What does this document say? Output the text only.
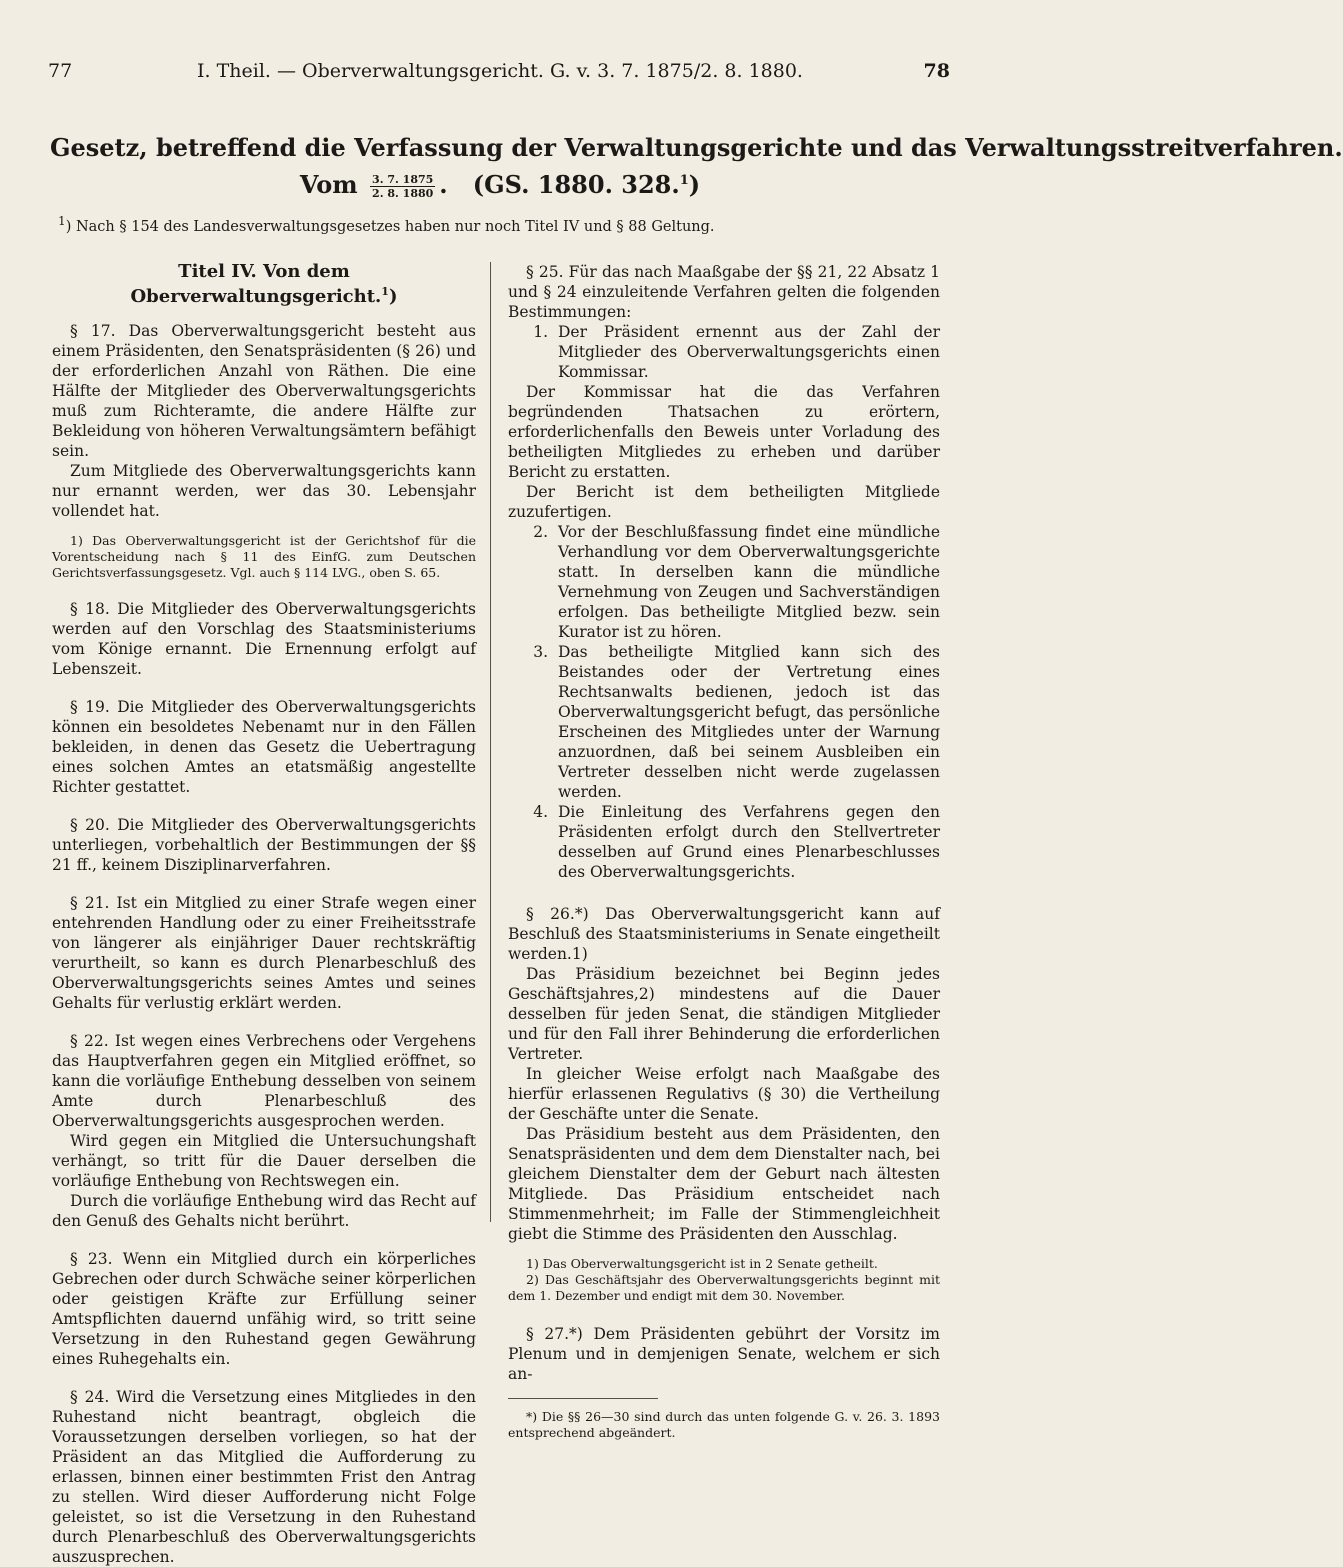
77	I. Theil. — Oberverwaltungsgericht. G. v. 3. 7. 1875/2. 8. 1880.	78
Gesetz, betreffend die Verfassung der Verwaltungsgerichte und das Verwaltungsstreitverfahren.
Vom $\frac{3. 7. 1875}{2. 8. 1880}$ . (GS. 1880. 328.$^1$)
$^1$) Nach § 154 des Landesverwaltungsgesetzes haben nur noch Titel IV und § 88 Geltung.
Titel IV. Von dem Oberverwaltungsgericht.$^1$)

§ 17. Das Oberverwaltungsgericht besteht aus einem Präsidenten, den Senatspräsidenten (§ 26) und der erforderlichen Anzahl von Räthen. Die eine Hälfte der Mitglieder des Oberverwaltungsgerichts muß zum Richteramte, die andere Hälfte zur Bekleidung von höheren Verwaltungsämtern befähigt sein.

Zum Mitgliede des Oberverwaltungsgerichts kann nur ernannt werden, wer das 30. Lebensjahr vollendet hat.

1) Das Oberverwaltungsgericht ist der Gerichtshof für die Vorentscheidung nach § 11 des EinfG. zum Deutschen Gerichtsverfassungsgesetz. Vgl. auch § 114 LVG., oben S. 65.

§ 18. Die Mitglieder des Oberverwaltungsgerichts werden auf den Vorschlag des Staatsministeriums vom Könige ernannt. Die Ernennung erfolgt auf Lebenszeit.

§ 19. Die Mitglieder des Oberverwaltungsgerichts können ein besoldetes Nebenamt nur in den Fällen bekleiden, in denen das Gesetz die Uebertragung eines solchen Amtes an etatsmäßig angestellte Richter gestattet.

§ 20. Die Mitglieder des Oberverwaltungsgerichts unterliegen, vorbehaltlich der Bestimmungen der §§ 21 ff., keinem Disziplinarverfahren.

§ 21. Ist ein Mitglied zu einer Strafe wegen einer entehrenden Handlung oder zu einer Freiheitsstrafe von längerer als einjähriger Dauer rechtskräftig verurtheilt, so kann es durch Plenarbeschluß des Oberverwaltungsgerichts seines Amtes und seines Gehalts für verlustig erklärt werden.

§ 22. Ist wegen eines Verbrechens oder Vergehens das Hauptverfahren gegen ein Mitglied eröffnet, so kann die vorläufige Enthebung desselben von seinem Amte durch Plenarbeschluß des Oberverwaltungsgerichts ausgesprochen werden.

Wird gegen ein Mitglied die Untersuchungshaft verhängt, so tritt für die Dauer derselben die vorläufige Enthebung von Rechtswegen ein.

Durch die vorläufige Enthebung wird das Recht auf den Genuß des Gehalts nicht berührt.

§ 23. Wenn ein Mitglied durch ein körperliches Gebrechen oder durch Schwäche seiner körperlichen oder geistigen Kräfte zur Erfüllung seiner Amtspflichten dauernd unfähig wird, so tritt seine Versetzung in den Ruhestand gegen Gewährung eines Ruhegehalts ein.

§ 24. Wird die Versetzung eines Mitgliedes in den Ruhestand nicht beantragt, obgleich die Voraussetzungen derselben vorliegen, so hat der Präsident an das Mitglied die Aufforderung zu erlassen, binnen einer bestimmten Frist den Antrag zu stellen. Wird dieser Aufforderung nicht Folge geleistet, so ist die Versetzung in den Ruhestand durch Plenarbeschluß des Oberverwaltungsgerichts auszusprechen.

§ 25. Für das nach Maaßgabe der §§ 21, 22 Absatz 1 und § 24 einzuleitende Verfahren gelten die folgenden Bestimmungen:

1. Der Präsident ernennt aus der Zahl der Mitglieder des Oberverwaltungsgerichts einen Kommissar.

Der Kommissar hat die das Verfahren begründenden Thatsachen zu erörtern, erforderlichenfalls den Beweis unter Vorladung des betheiligten Mitgliedes zu erheben und darüber Bericht zu erstatten.

Der Bericht ist dem betheiligten Mitgliede zuzufertigen.

2. Vor der Beschlußfassung findet eine mündliche Verhandlung vor dem Oberverwaltungsgerichte statt. In derselben kann die mündliche Vernehmung von Zeugen und Sachverständigen erfolgen. Das betheiligte Mitglied bezw. sein Kurator ist zu hören.
3. Das betheiligte Mitglied kann sich des Beistandes oder der Vertretung eines Rechtsanwalts bedienen, jedoch ist das Oberverwaltungsgericht befugt, das persönliche Erscheinen des Mitgliedes unter der Warnung anzuordnen, daß bei seinem Ausbleiben ein Vertreter desselben nicht werde zugelassen werden.
4. Die Einleitung des Verfahrens gegen den Präsidenten erfolgt durch den Stellvertreter desselben auf Grund eines Plenarbeschlusses des Oberverwaltungsgerichts.

§ 26.*) Das Oberverwaltungsgericht kann auf Beschluß des Staatsministeriums in Senate eingetheilt werden.1)

Das Präsidium bezeichnet bei Beginn jedes Geschäftsjahres,2) mindestens auf die Dauer desselben für jeden Senat, die ständigen Mitglieder und für den Fall ihrer Behinderung die erforderlichen Vertreter.

In gleicher Weise erfolgt nach Maaßgabe des hierfür erlassenen Regulativs (§ 30) die Vertheilung der Geschäfte unter die Senate.

Das Präsidium besteht aus dem Präsidenten, den Senatspräsidenten und dem dem Dienstalter nach, bei gleichem Dienstalter dem der Geburt nach ältesten Mitgliede. Das Präsidium entscheidet nach Stimmenmehrheit; im Falle der Stimmengleichheit giebt die Stimme des Präsidenten den Ausschlag.

1) Das Oberverwaltungsgericht ist in 2 Senate getheilt.

2) Das Geschäftsjahr des Oberverwaltungsgerichts beginnt mit dem 1. Dezember und endigt mit dem 30. November.

§ 27.*) Dem Präsidenten gebührt der Vorsitz im Plenum und in demjenigen Senate, welchem er sich an-

*) Die §§ 26—30 sind durch das unten folgende G. v. 26. 3. 1893 entsprechend abgeändert.
